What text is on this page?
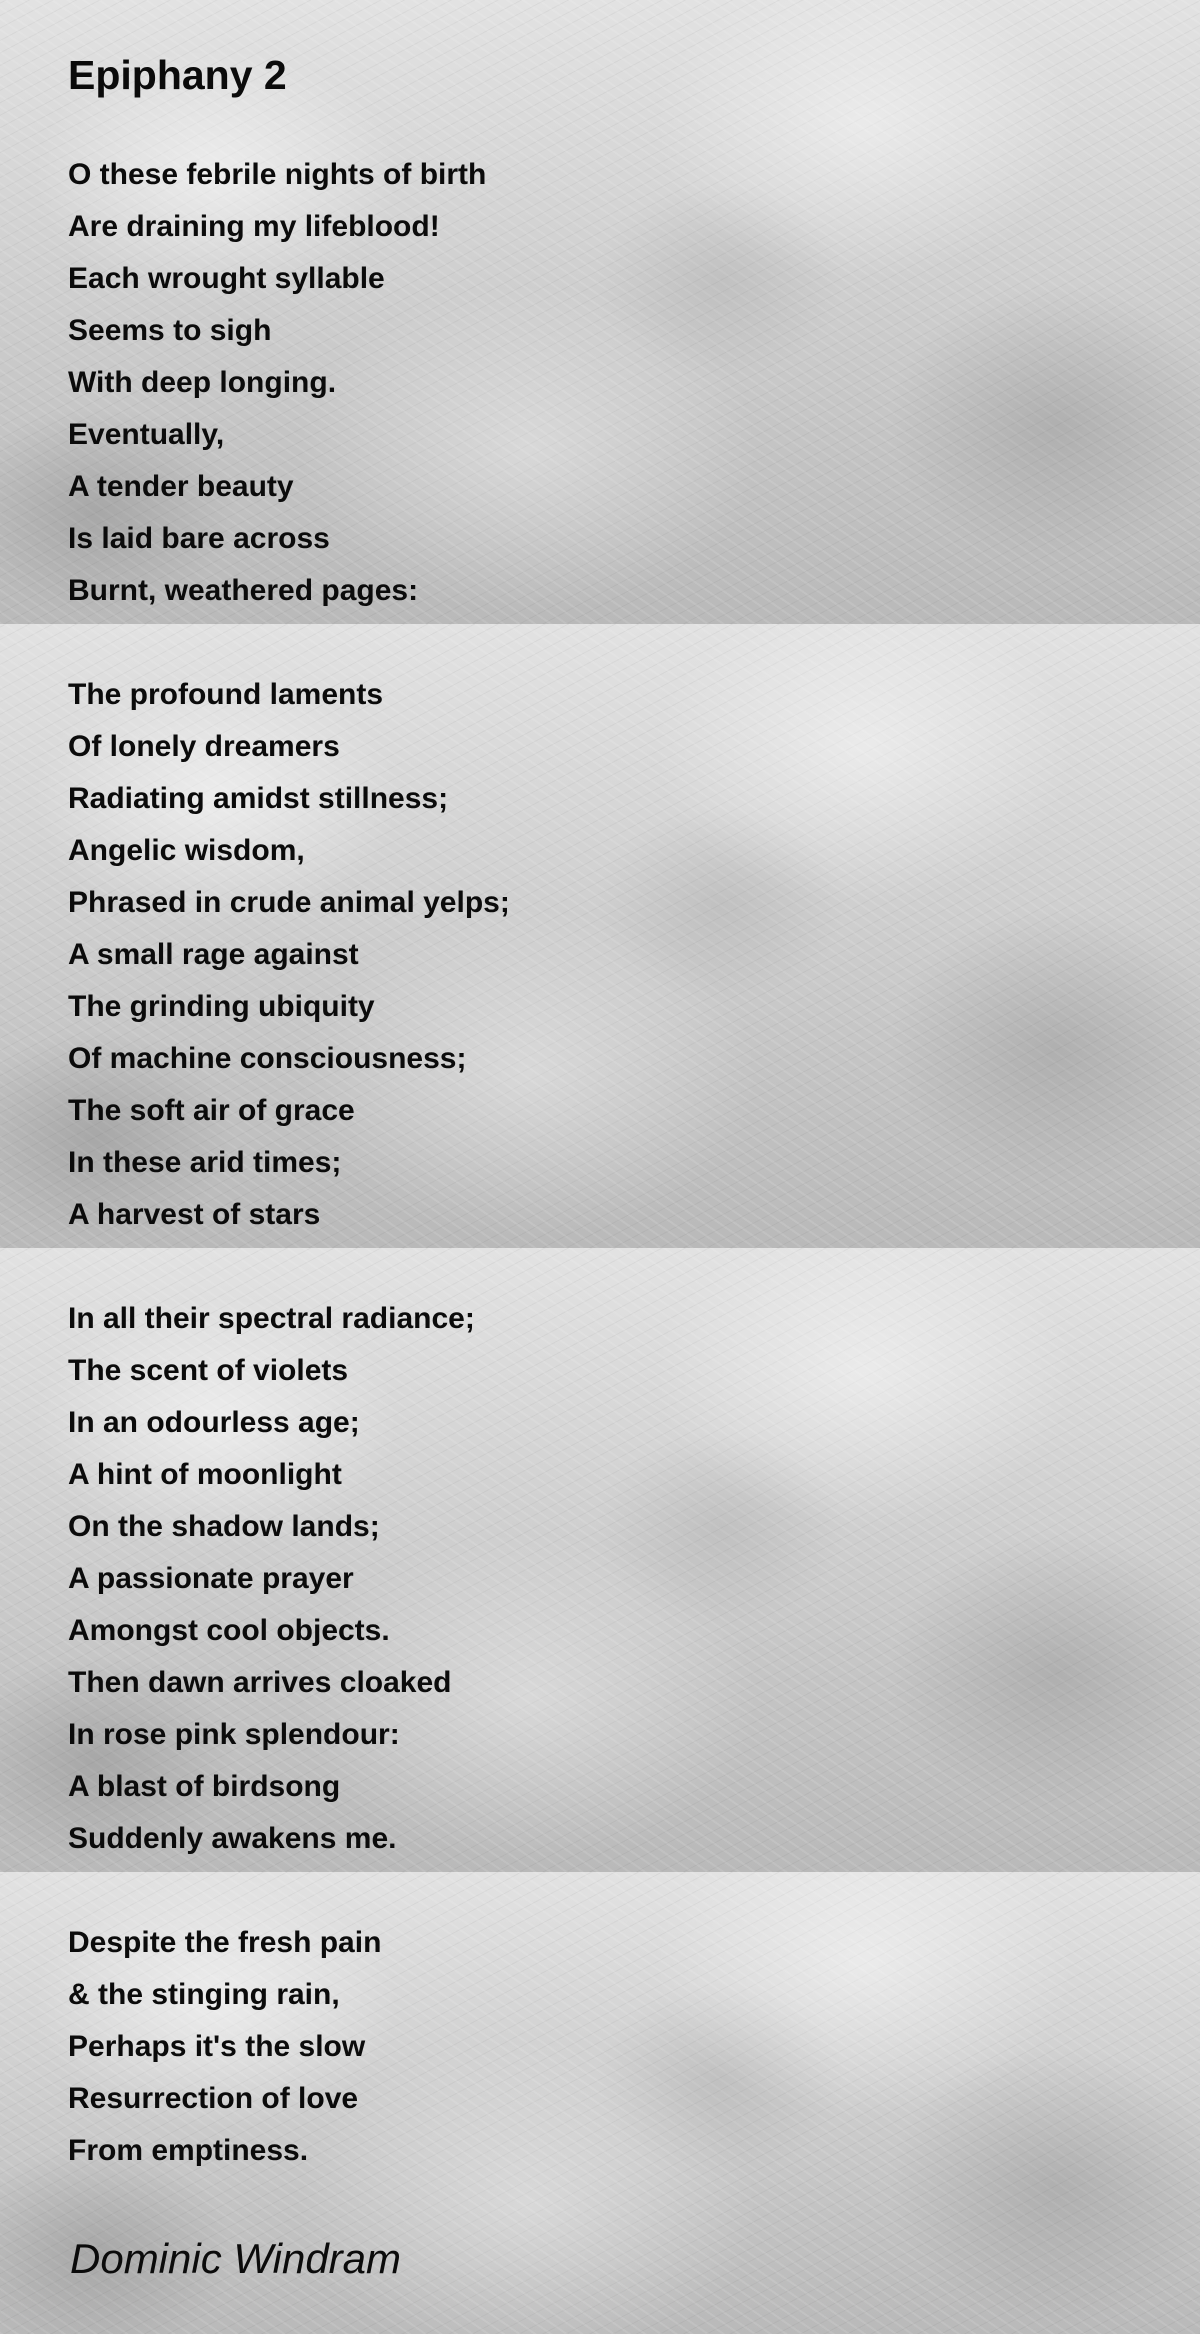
Epiphany 2
O these febrile nights of birth
Are draining my lifeblood!
Each wrought syllable
Seems to sigh
With deep longing.
Eventually,
A tender beauty
Is laid bare across
Burnt, weathered pages:
The profound laments
Of lonely dreamers
Radiating amidst stillness;
Angelic wisdom,
Phrased in crude animal yelps;
A small rage against
The grinding ubiquity
Of machine consciousness;
The soft air of grace
In these arid times;
A harvest of stars
In all their spectral radiance;
The scent of violets
In an odourless age;
A hint of moonlight
On the shadow lands;
A passionate prayer
Amongst cool objects.
Then dawn arrives cloaked
In rose pink splendour:
A blast of birdsong
Suddenly awakens me.
Despite the fresh pain
& the stinging rain,
Perhaps it's the slow
Resurrection of love
From emptiness.

Dominic Windram
